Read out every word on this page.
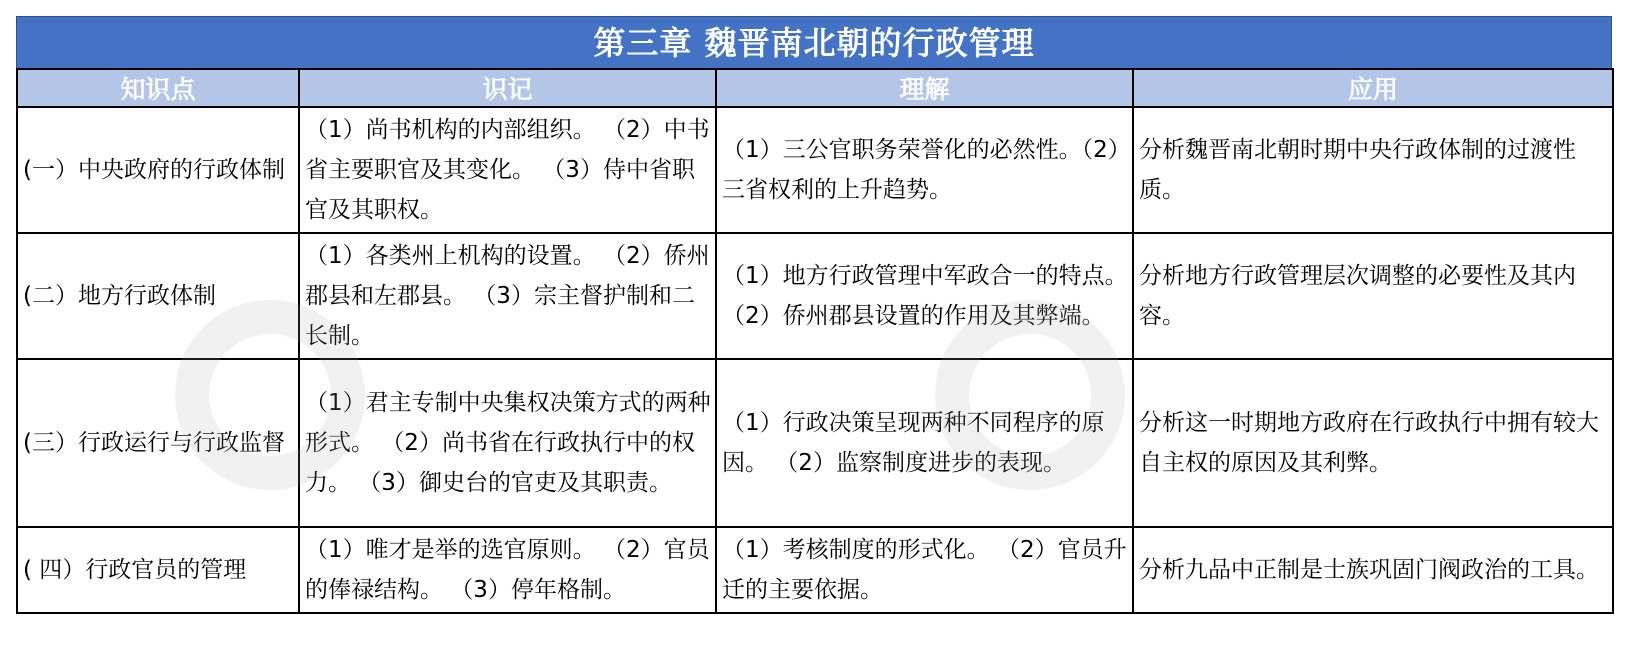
第三章 魏晋南北朝的行政管理
知识点	识记	理解	应用
(一）中央政府的行政体制	（1）尚书机构的内部组织。 （2）中书省主要职官及其变化。 （3）侍中省职官及其职权。	（1）三公官职务荣誉化的必然性。（2）三省权利的上升趋势。	分析魏晋南北朝时期中央行政体制的过渡性质。
(二）地方行政体制	（1）各类州上机构的设置。 （2）侨州郡县和左郡县。 （3）宗主督护制和二长制。	（1）地方行政管理中军政合一的特点。 （2）侨州郡县设置的作用及其弊端。	分析地方行政管理层次调整的必要性及其内容。
(三）行政运行与行政监督	（1）君主专制中央集权决策方式的两种形式。 （2）尚书省在行政执行中的权力。 （3）御史台的官吏及其职责。	（1）行政决策呈现两种不同程序的原因。 （2）监察制度进步的表现。	分析这一时期地方政府在行政执行中拥有较大自主权的原因及其利弊。
( 四）行政官员的管理	（1）唯才是举的选官原则。 （2）官员的俸禄结构。 （3）停年格制。	（1）考核制度的形式化。 （2）官员升迁的主要依据。	分析九品中正制是士族巩固门阀政治的工具。
